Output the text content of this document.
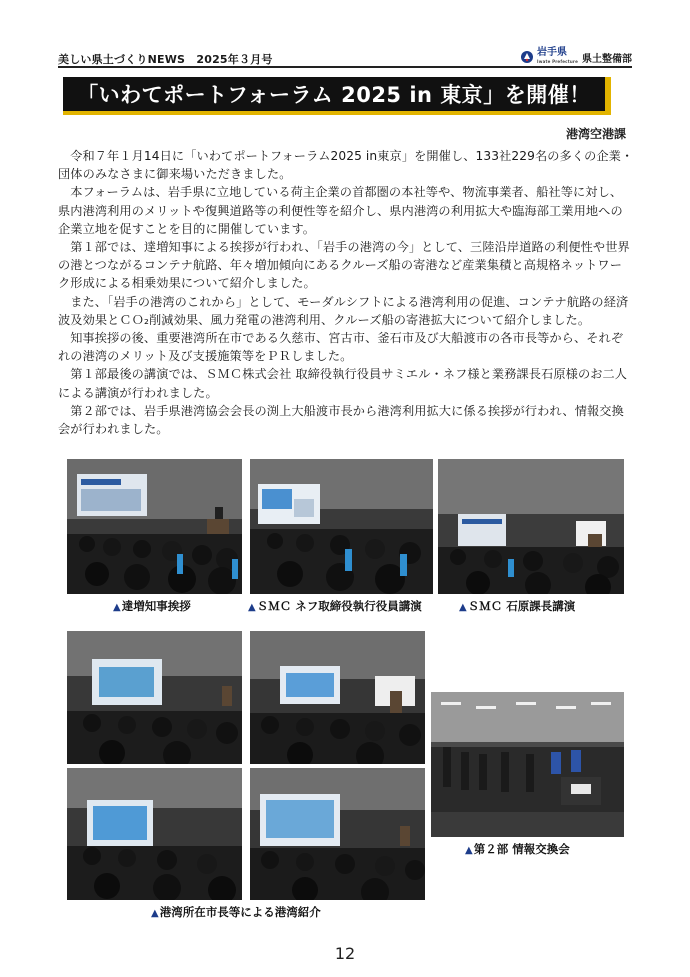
美しい県土づくりNEWS　2025年３月号
岩手県
Iwate Prefecture 県土整備部
「いわてポートフォーラム 2025 in 東京」を開催！
港湾空港課

令和７年１月14日に「いわてポートフォーラム2025 in東京」を開催し、133社229名の多くの企業・団体のみなさまに御来場いただきました。

本フォーラムは、岩手県に立地している荷主企業の首都圏の本社等や、物流事業者、船社等に対し、県内港湾利用のメリットや復興道路等の利便性等を紹介し、県内港湾の利用拡大や臨海部工業用地への企業立地を促すことを目的に開催しています。

第１部では、達増知事による挨拶が行われ、「岩手の港湾の今」として、三陸沿岸道路の利便性や世界の港とつながるコンテナ航路、年々増加傾向にあるクルーズ船の寄港など産業集積と高規格ネットワーク形成による相乗効果について紹介しました。

また、「岩手の港湾のこれから」として、モーダルシフトによる港湾利用の促進、コンテナ航路の経済波及効果とＣＯ₂削減効果、風力発電の港湾利用、クルーズ船の寄港拡大について紹介しました。

知事挨拶の後、重要港湾所在市である久慈市、宮古市、釜石市及び大船渡市の各市長等から、それぞれの港湾のメリット及び支援施策等をＰＲしました。

第１部最後の講演では、ＳＭＣ株式会社 取締役執行役員サミエル・ネフ様と業務課長石原様のお二人による講演が行われました。

第２部では、岩手県港湾協会会長の渕上大船渡市長から港湾利用拡大に係る挨拶が行われ、情報交換会が行われました。

▲達増知事挨拶	▲ＳＭＣ ネフ取締役執行役員講演	▲ＳＭＣ 石原課長講演
▲港湾所在市長等による港湾紹介
▲第２部 情報交換会
12
